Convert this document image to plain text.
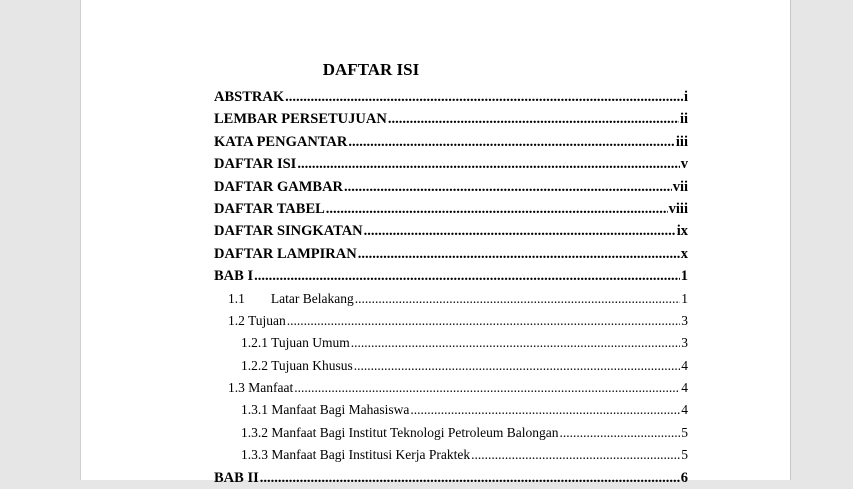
DAFTAR ISI
ABSTRAK .....	i
LEMBAR PERSETUJUAN .....	ii
KATA PENGANTAR .....	iii
DAFTAR ISI .....	v
DAFTAR GAMBAR .....	vii
DAFTAR TABEL .....	viii
DAFTAR SINGKATAN .....	ix
DAFTAR LAMPIRAN .....	x
BAB I .....	1
1.1 Latar Belakang .....	1
1.2 Tujuan .....	3
1.2.1 Tujuan Umum .....	3
1.2.2 Tujuan Khusus .....	4
1.3 Manfaat .....	4
1.3.1 Manfaat Bagi Mahasiswa .....	4
1.3.2 Manfaat Bagi Institut Teknologi Petroleum Balongan .....	5
1.3.3 Manfaat Bagi Institusi Kerja Praktek .....	5
BAB II .....	6
